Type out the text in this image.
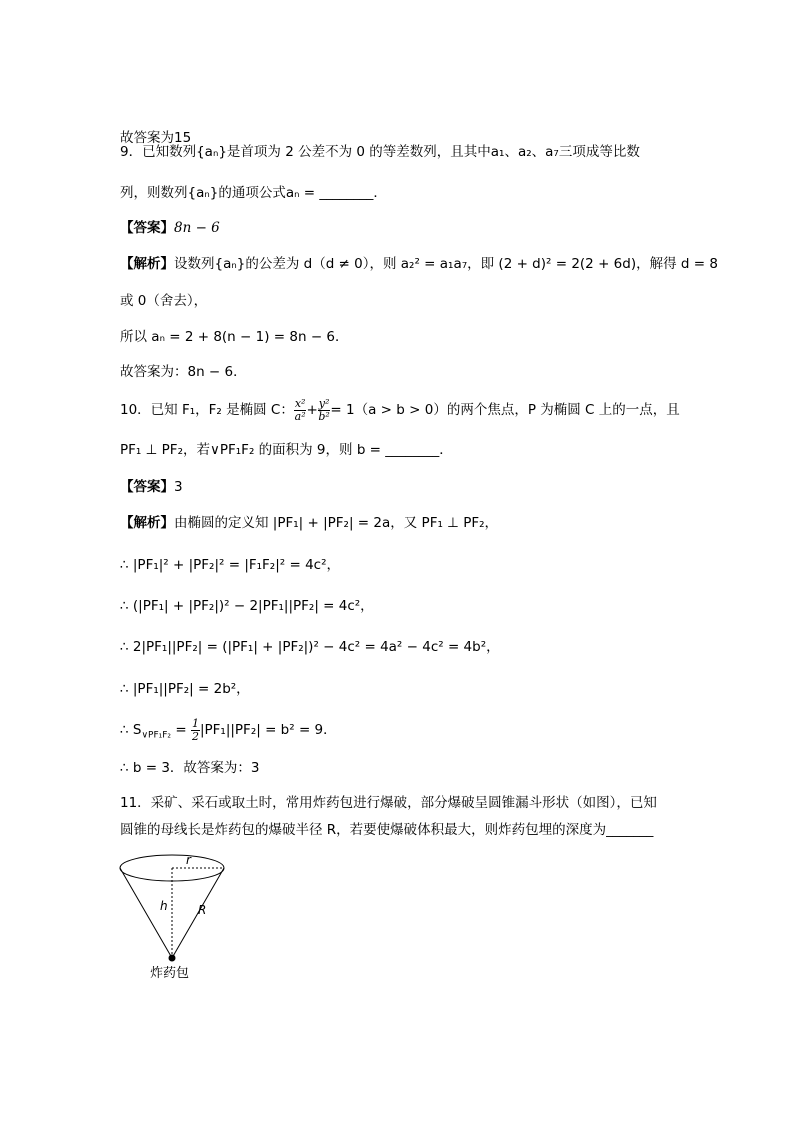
故答案为15
9．已知数列{aₙ}是首项为 2 公差不为 0 的等差数列，且其中a₁、a₂、a₇三项成等比数
列，则数列{aₙ}的通项公式aₙ = ________．
【答案】8n − 6
【解析】设数列{aₙ}的公差为 d（d ≠ 0），则 a₂² = a₁a₇，即 (2 + d)² = 2(2 + 6d)，解得 d = 8
或 0（舍去），
所以 aₙ = 2 + 8(n − 1) = 8n − 6．
故答案为：8n − 6．
10．已知 F₁，F₂ 是椭圆 C： $\frac{\text{x²}}{\text{a²}} + \frac{\text{y²}}{\text{b²}} = 1(a > b > 0)$的两个焦点，P 为椭圆 C 上的一点，且
PF₁ ⊥ PF₂，若∨PF₁F₂ 的面积为 9，则 b = ________．
【答案】3
【解析】由椭圆的定义知 |PF₁| + |PF₂| = 2a，又 PF₁ ⊥ PF₂，
∴ |PF₁|² + |PF₂|² = |F₁F₂|² = 4c²，
∴ (|PF₁| + |PF₂|)² − 2|PF₁||PF₂| = 4c²，
∴ 2|PF₁||PF₂| = (|PF₁| + |PF₂|)² − 4c² = 4a² − 4c² = 4b²，
∴ |PF₁||PF₂| = 2b²，
∴ $S_{\vee PF_1F_2} = \frac{1}{2} |PF_1||PF_2| = b^2 = 9$．
∴ b = 3．故答案为：3
11．采矿、采石或取土时，常用炸药包进行爆破，部分爆破呈圆锥漏斗形状（如图），已知
圆锥的母线长是炸药包的爆破半径 R，若要使爆破体积最大，则炸药包埋的深度为_______
r
h	R
炸药包
